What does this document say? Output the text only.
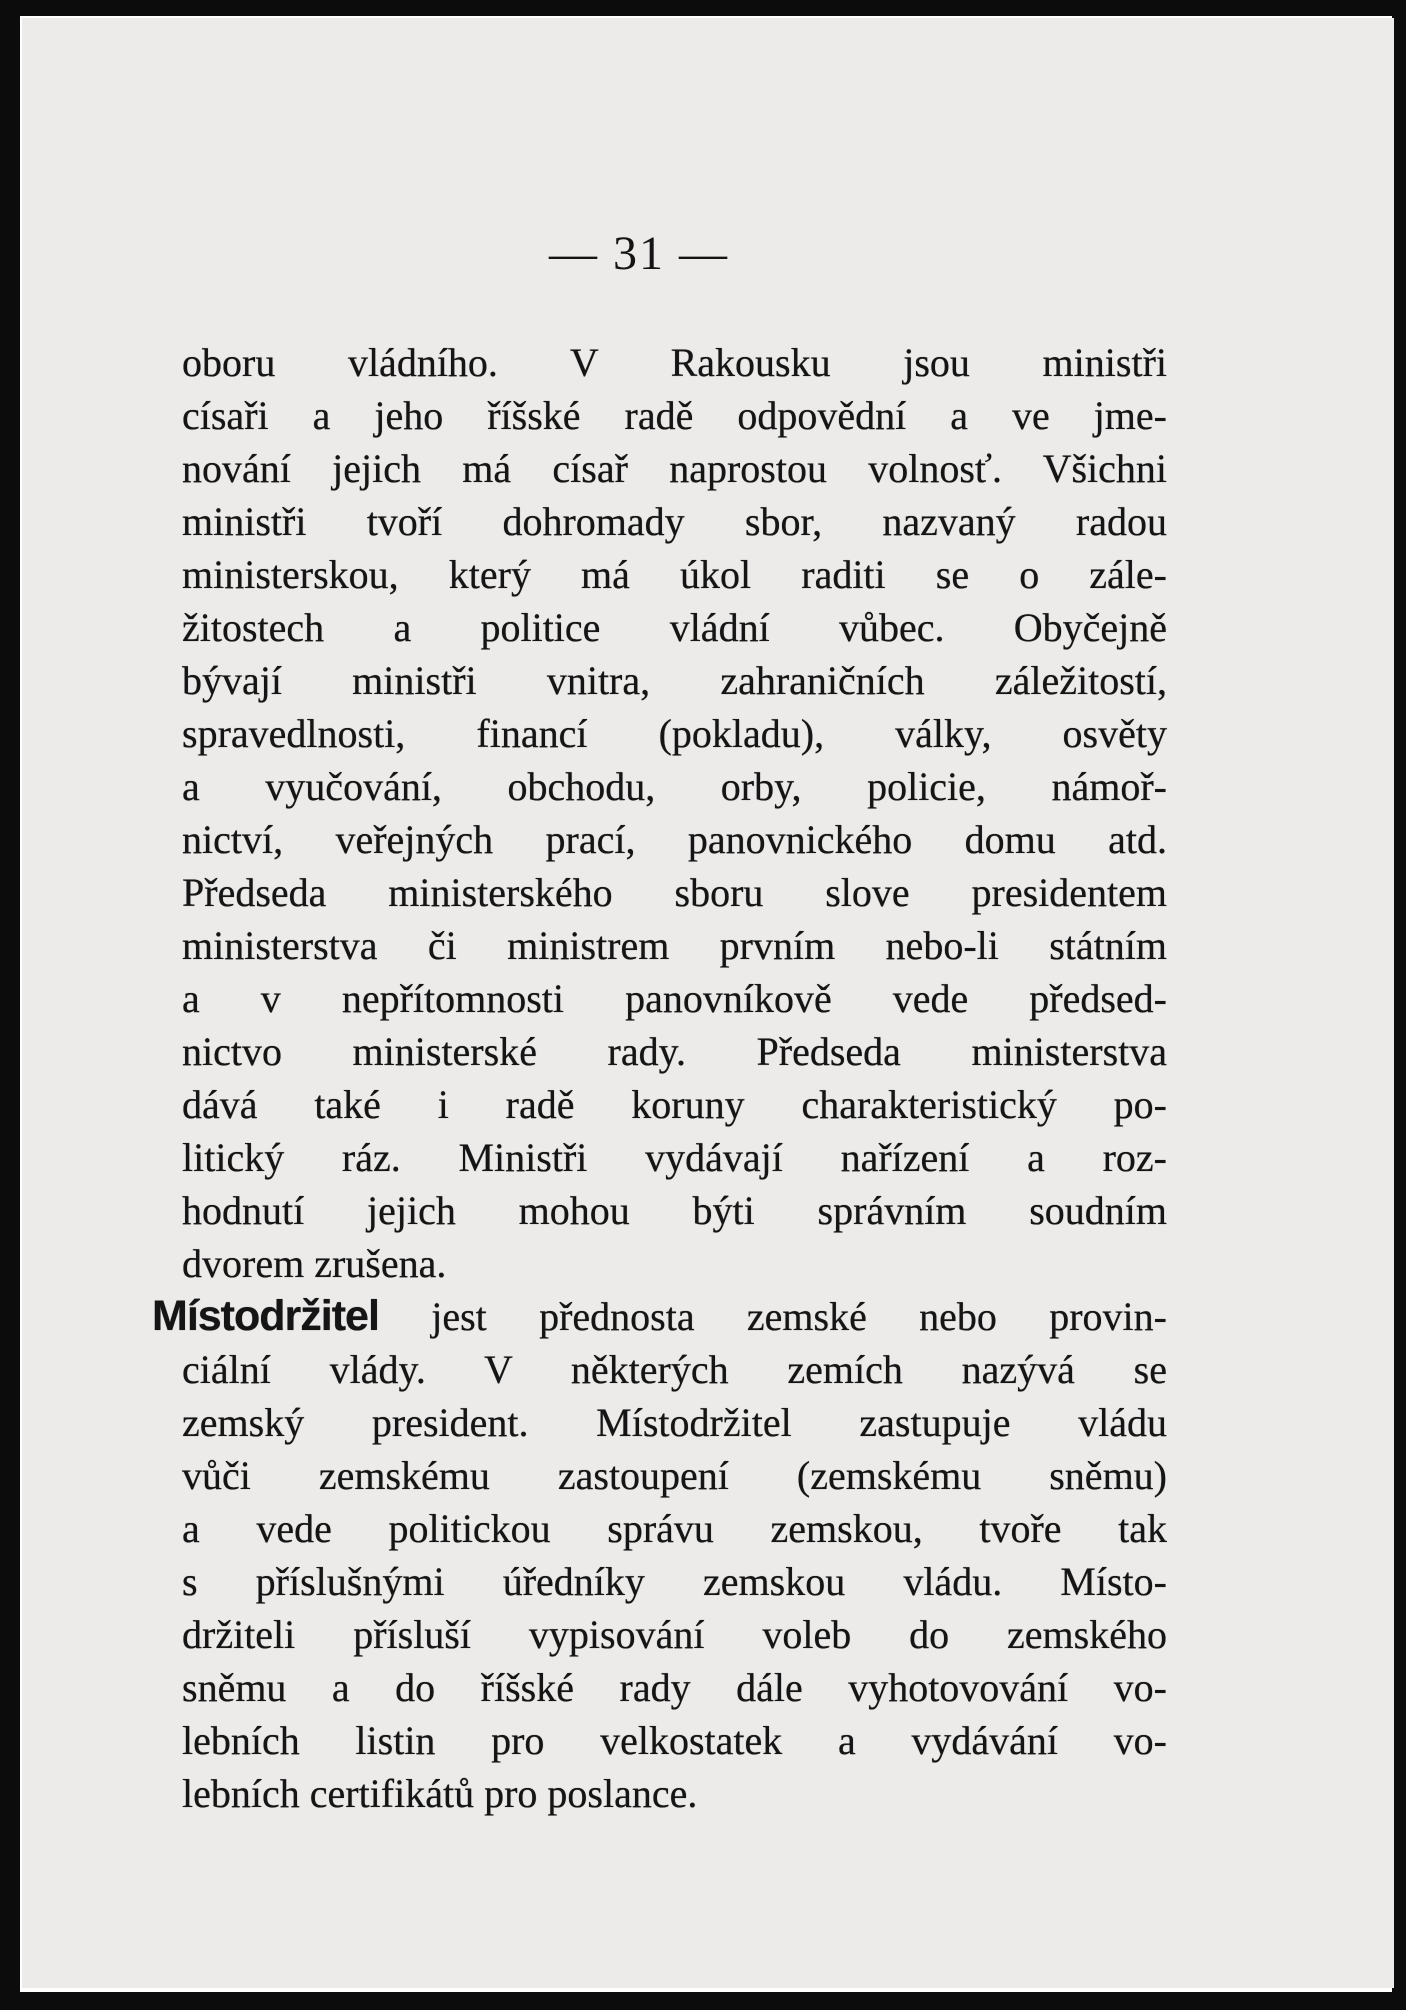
— 31 —
oboru vládního. V Rakousku jsou ministři
císaři a jeho říšské radě odpovědní a ve jme-
nování jejich má císař naprostou volnosť. Všichni
ministři tvoří dohromady sbor, nazvaný radou
ministerskou, který má úkol raditi se o zále-
žitostech a politice vládní vůbec. Obyčejně
bývají ministři vnitra, zahraničních záležitostí,
spravedlnosti, financí (pokladu), války, osvěty
a vyučování, obchodu, orby, policie, námoř-
nictví, veřejných prací, panovnického domu atd.
Předseda ministerského sboru slove presidentem
ministerstva či ministrem prvním nebo-li státním
a v nepřítomnosti panovníkově vede předsed-
nictvo ministerské rady. Předseda ministerstva
dává také i radě koruny charakteristický po-
litický ráz. Ministři vydávají nařízení a roz-
hodnutí jejich mohou býti správním soudním
dvorem zrušena.
Místodržitel jest přednosta zemské nebo provin-
ciální vlády. V některých zemích nazývá se
zemský president. Místodržitel zastupuje vládu
vůči zemskému zastoupení (zemskému sněmu)
a vede politickou správu zemskou, tvoře tak
s příslušnými úředníky zemskou vládu. Místo-
držiteli přísluší vypisování voleb do zemského
sněmu a do říšské rady dále vyhotovování vo-
lebních listin pro velkostatek a vydávání vo-
lebních certifikátů pro poslance.
